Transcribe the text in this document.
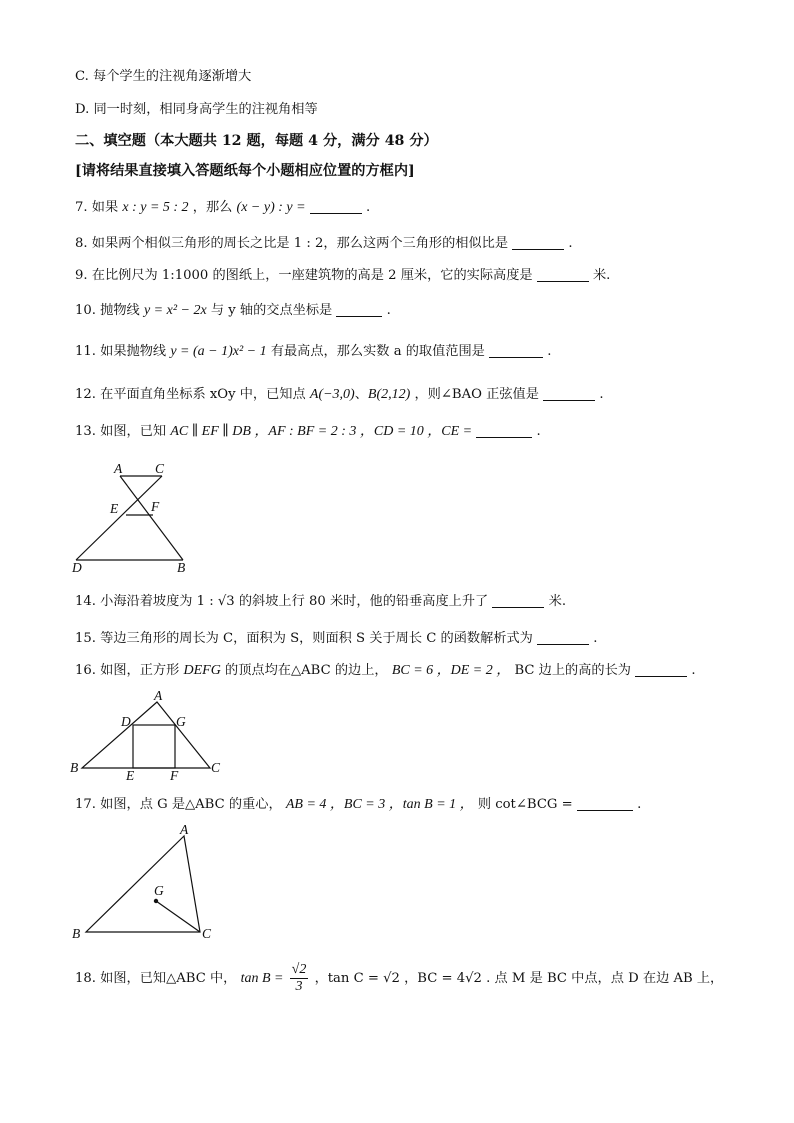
C. 每个学生的注视角逐渐增大
D. 同一时刻，相同身高学生的注视角相等
二、填空题（本大题共 12 题，每题 4 分，满分 48 分）
[请将结果直接填入答题纸每个小题相应位置的方框内]
7. 如果 x : y = 5 : 2 ，那么 (x − y) : y =	.
8. 如果两个相似三角形的周长之比是 1 : 2，那么这两个三角形的相似比是	.
9. 在比例尺为 1:1000 的图纸上，一座建筑物的高是 2 厘米，它的实际高度是	米.
10. 抛物线 y = x² − 2x 与 y 轴的交点坐标是	.
11. 如果抛物线 y = (a − 1)x² − 1 有最高点，那么实数 a 的取值范围是	.
12. 在平面直角坐标系 xOy 中，已知点 A(−3,0)、B(2,12) ，则∠BAO 正弦值是	.
13. 如图，已知 AC ∥ EF ∥ DB ，AF : BF = 2 : 3 ，CD = 10 ，CE =	.
A C
E F
D	B
14. 小海沿着坡度为 1 : √3 的斜坡上行 80 米时，他的铅垂高度上升了	米.
15. 等边三角形的周长为 C，面积为 S，则面积 S 关于周长 C 的函数解析式为	.
16. 如图，正方形 DEFG 的顶点均在△ABC 的边上， BC = 6 ，DE = 2 ， BC 边上的高的长为	.
A
D	G
B
E	F
C
17. 如图，点 G 是△ABC 的重心， AB = 4 ，BC = 3 ，tan B = 1 ， 则 cot∠BCG =	.
A
G
B	C
18. 如图，已知△ABC 中， $\tan B = \frac{√2}{3}$ ，tan C = √2 ，BC = 4√2 . 点 M 是 BC 中点，点 D 在边 AB 上，
